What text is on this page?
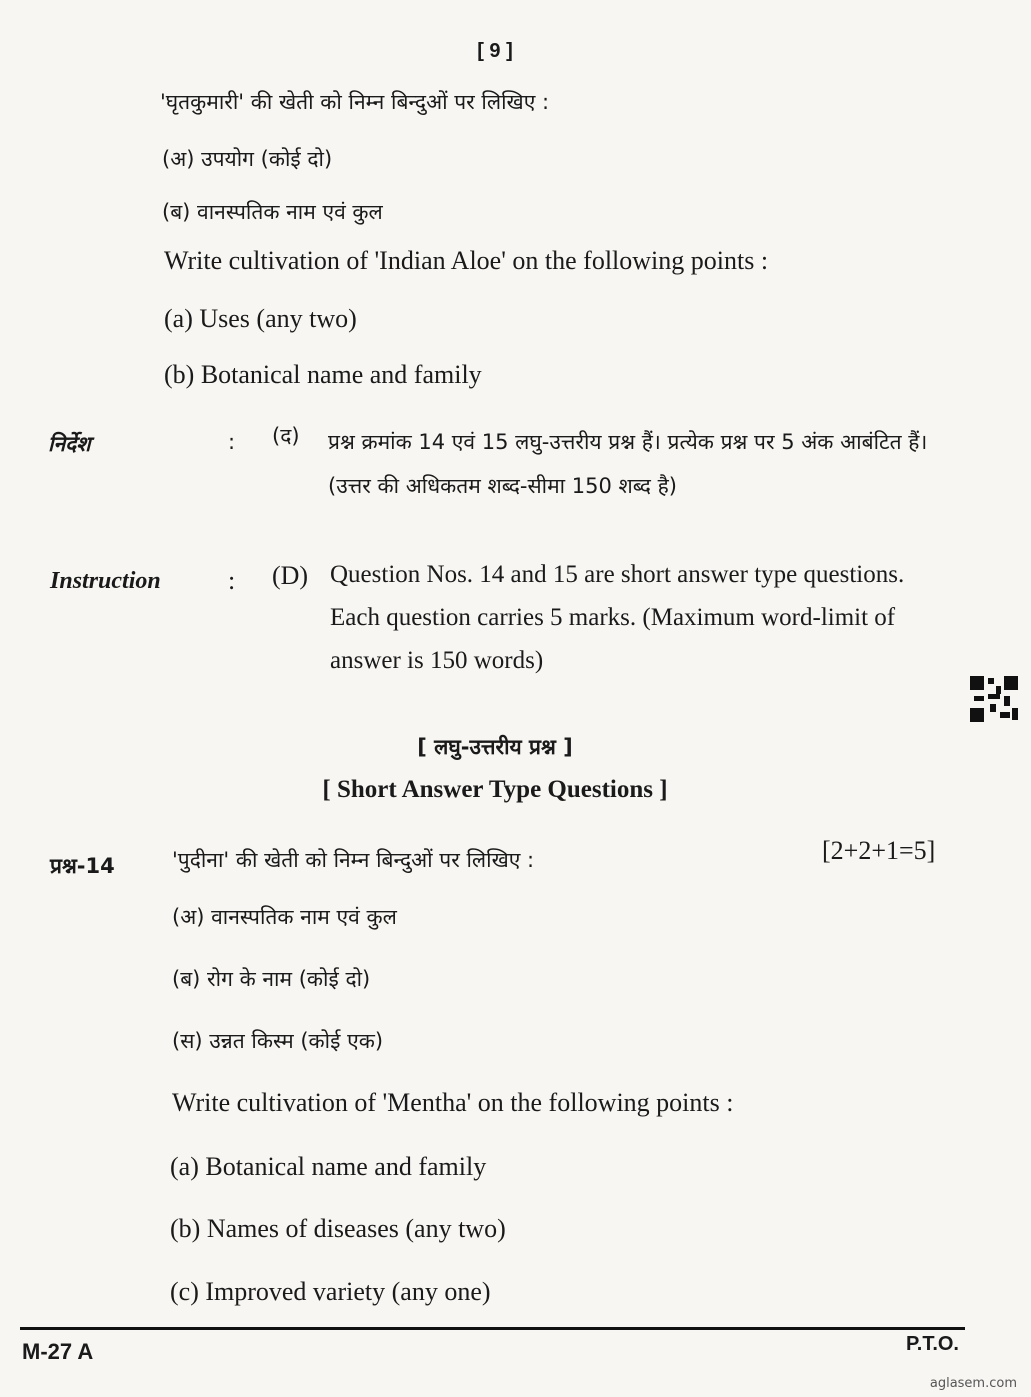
[ 9 ]
'घृतकुमारी' की खेती को निम्न बिन्दुओं पर लिखिए :
(अ) उपयोग (कोई दो)
(ब) वानस्पतिक नाम एवं कुल
Write cultivation of 'Indian Aloe' on the following points :
(a) Uses (any two)
(b) Botanical name and family
निर्देश	: (द) प्रश्न क्रमांक 14 एवं 15 लघु-उत्तरीय प्रश्न हैं। प्रत्येक प्रश्न पर 5 अंक आबंटित हैं। (उत्तर की अधिकतम शब्द-सीमा 150 शब्द है)
Instruction	: (D) Question Nos. 14 and 15 are short answer type questions. Each question carries 5 marks. (Maximum word-limit of answer is 150 words)
[ लघु-उत्तरीय प्रश्न ]
[ Short Answer Type Questions ]
प्रश्न-14	'पुदीना' की खेती को निम्न बिन्दुओं पर लिखिए :	[2+2+1=5]
(अ) वानस्पतिक नाम एवं कुल
(ब) रोग के नाम (कोई दो)
(स) उन्नत किस्म (कोई एक)
Write cultivation of 'Mentha' on the following points :
(a) Botanical name and family
(b) Names of diseases (any two)
(c) Improved variety (any one)
M-27 A	P.T.O.
aglasem.com
